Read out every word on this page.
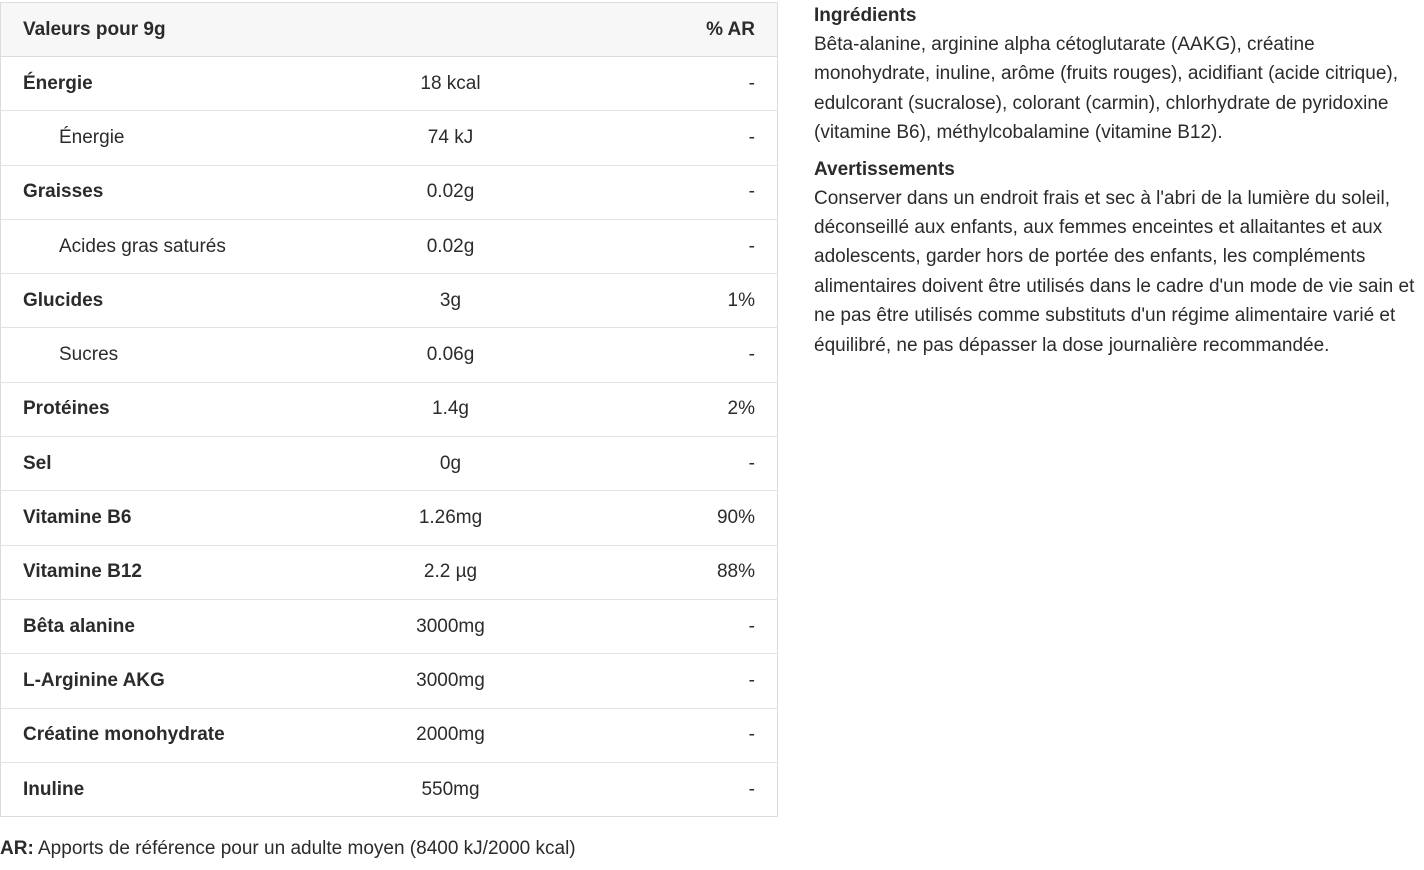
Valeurs pour 9g		% AR
Énergie	18 kcal	-
Énergie	74 kJ	-
Graisses	0.02g	-
Acides gras saturés	0.02g	-
Glucides	3g	1%
Sucres	0.06g	-
Protéines	1.4g	2%
Sel	0g	-
Vitamine B6	1.26mg	90%
Vitamine B12	2.2 µg	88%
Bêta alanine	3000mg	-
L-Arginine AKG	3000mg	-
Créatine monohydrate	2000mg	-
Inuline	550mg	-
AR: Apports de référence pour un adulte moyen (8400 kJ/2000 kcal)
Ingrédients

Bêta-alanine, arginine alpha cétoglutarate (AAKG), créatine monohydrate, inuline, arôme (fruits rouges), acidifiant (acide citrique), edulcorant (sucralose), colorant (carmin), chlorhydrate de pyridoxine (vitamine B6), méthylcobalamine (vitamine B12).

Avertissements

Conserver dans un endroit frais et sec à l'abri de la lumière du soleil, déconseillé aux enfants, aux femmes enceintes et allaitantes et aux adolescents, garder hors de portée des enfants, les compléments alimentaires doivent être utilisés dans le cadre d'un mode de vie sain et ne pas être utilisés comme substituts d'un régime alimentaire varié et équilibré, ne pas dépasser la dose journalière recommandée.
